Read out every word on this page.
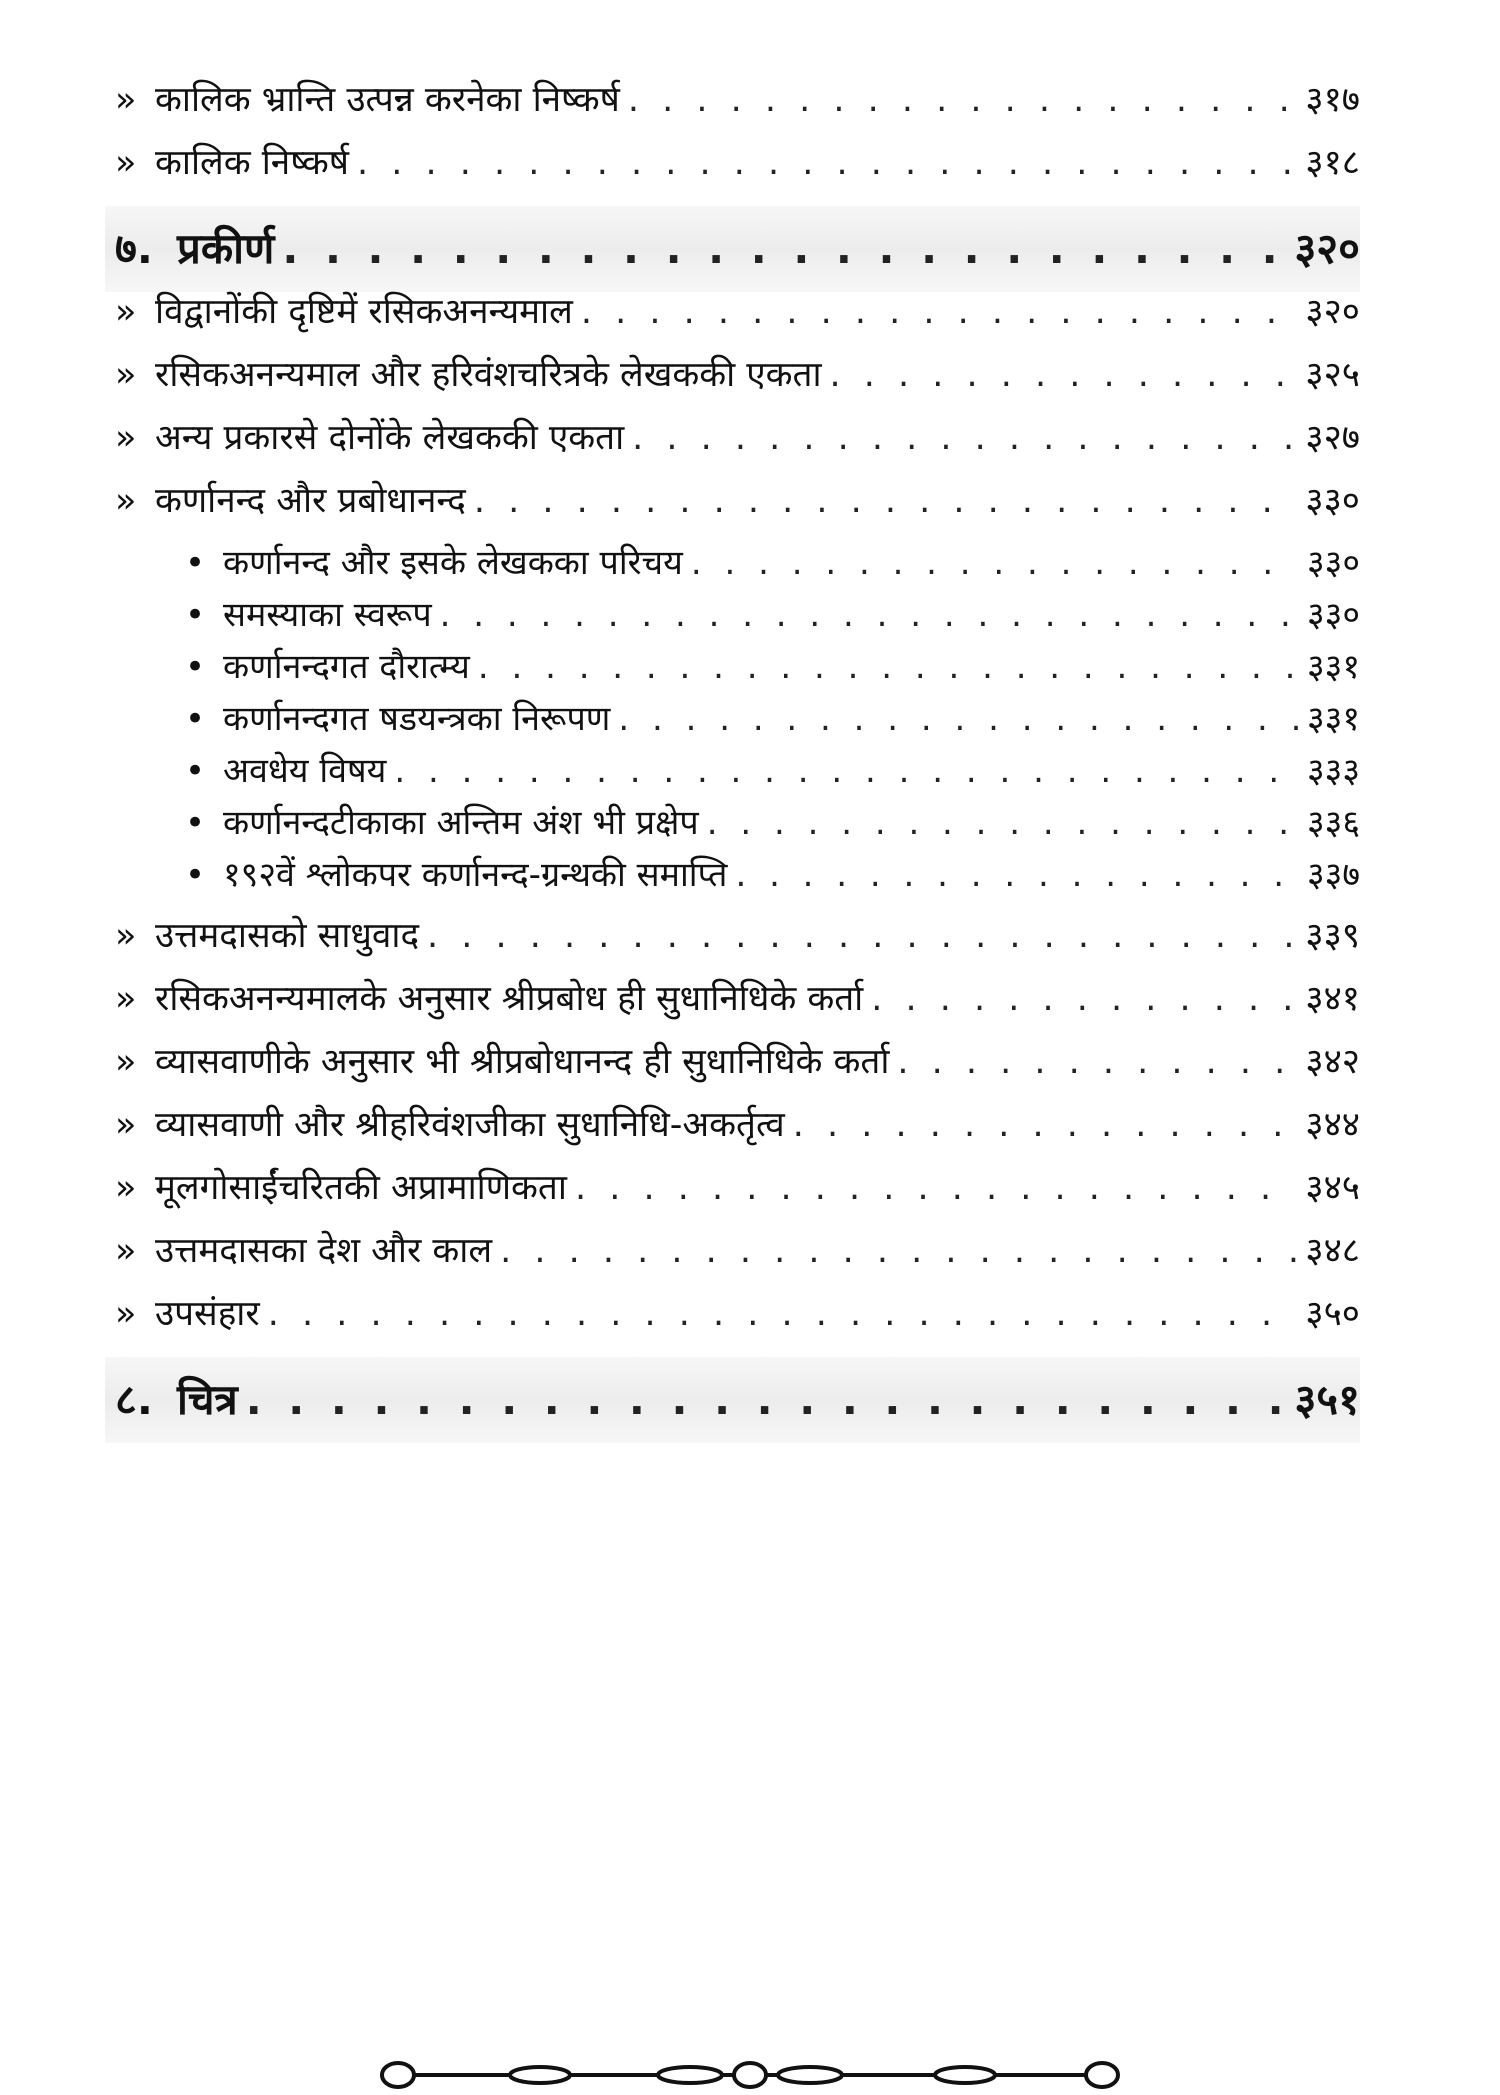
» कालिक भ्रान्ति उत्पन्न करनेका निष्कर्ष . . .	३१७
» कालिक निष्कर्ष . . .	३१८
७. प्रकीर्ण . . .	३२०
» विद्वानोंकी दृष्टिमें रसिकअनन्यमाल . . .	३२०
» रसिकअनन्यमाल और हरिवंशचरित्रके लेखककी एकता . . .	३२५
» अन्य प्रकारसे दोनोंके लेखककी एकता . . .	३२७
» कर्णानन्द और प्रबोधानन्द . . .	३३०
• कर्णानन्द और इसके लेखकका परिचय . . .	३३०
• समस्याका स्वरूप . . .	३३०
• कर्णानन्दगत दौरात्म्य . . .	३३१
• कर्णानन्दगत षडयन्त्रका निरूपण . . .	३३१
• अवधेय विषय . . .	३३३
• कर्णानन्दटीकाका अन्तिम अंश भी प्रक्षेप . . .	३३६
• १९२वें श्लोकपर कर्णानन्द-ग्रन्थकी समाप्ति . . .	३३७
» उत्तमदासको साधुवाद . . .	३३९
» रसिकअनन्यमालके अनुसार श्रीप्रबोध ही सुधानिधिके कर्ता . . .	३४१
» व्यासवाणीके अनुसार भी श्रीप्रबोधानन्द ही सुधानिधिके कर्ता . . .	३४२
» व्यासवाणी और श्रीहरिवंशजीका सुधानिधि-अकर्तृत्व . . .	३४४
» मूलगोसाईंचरितकी अप्रामाणिकता . . .	३४५
» उत्तमदासका देश और काल . . .	३४८
» उपसंहार . . .	३५०
८. चित्र . . .	३५१
